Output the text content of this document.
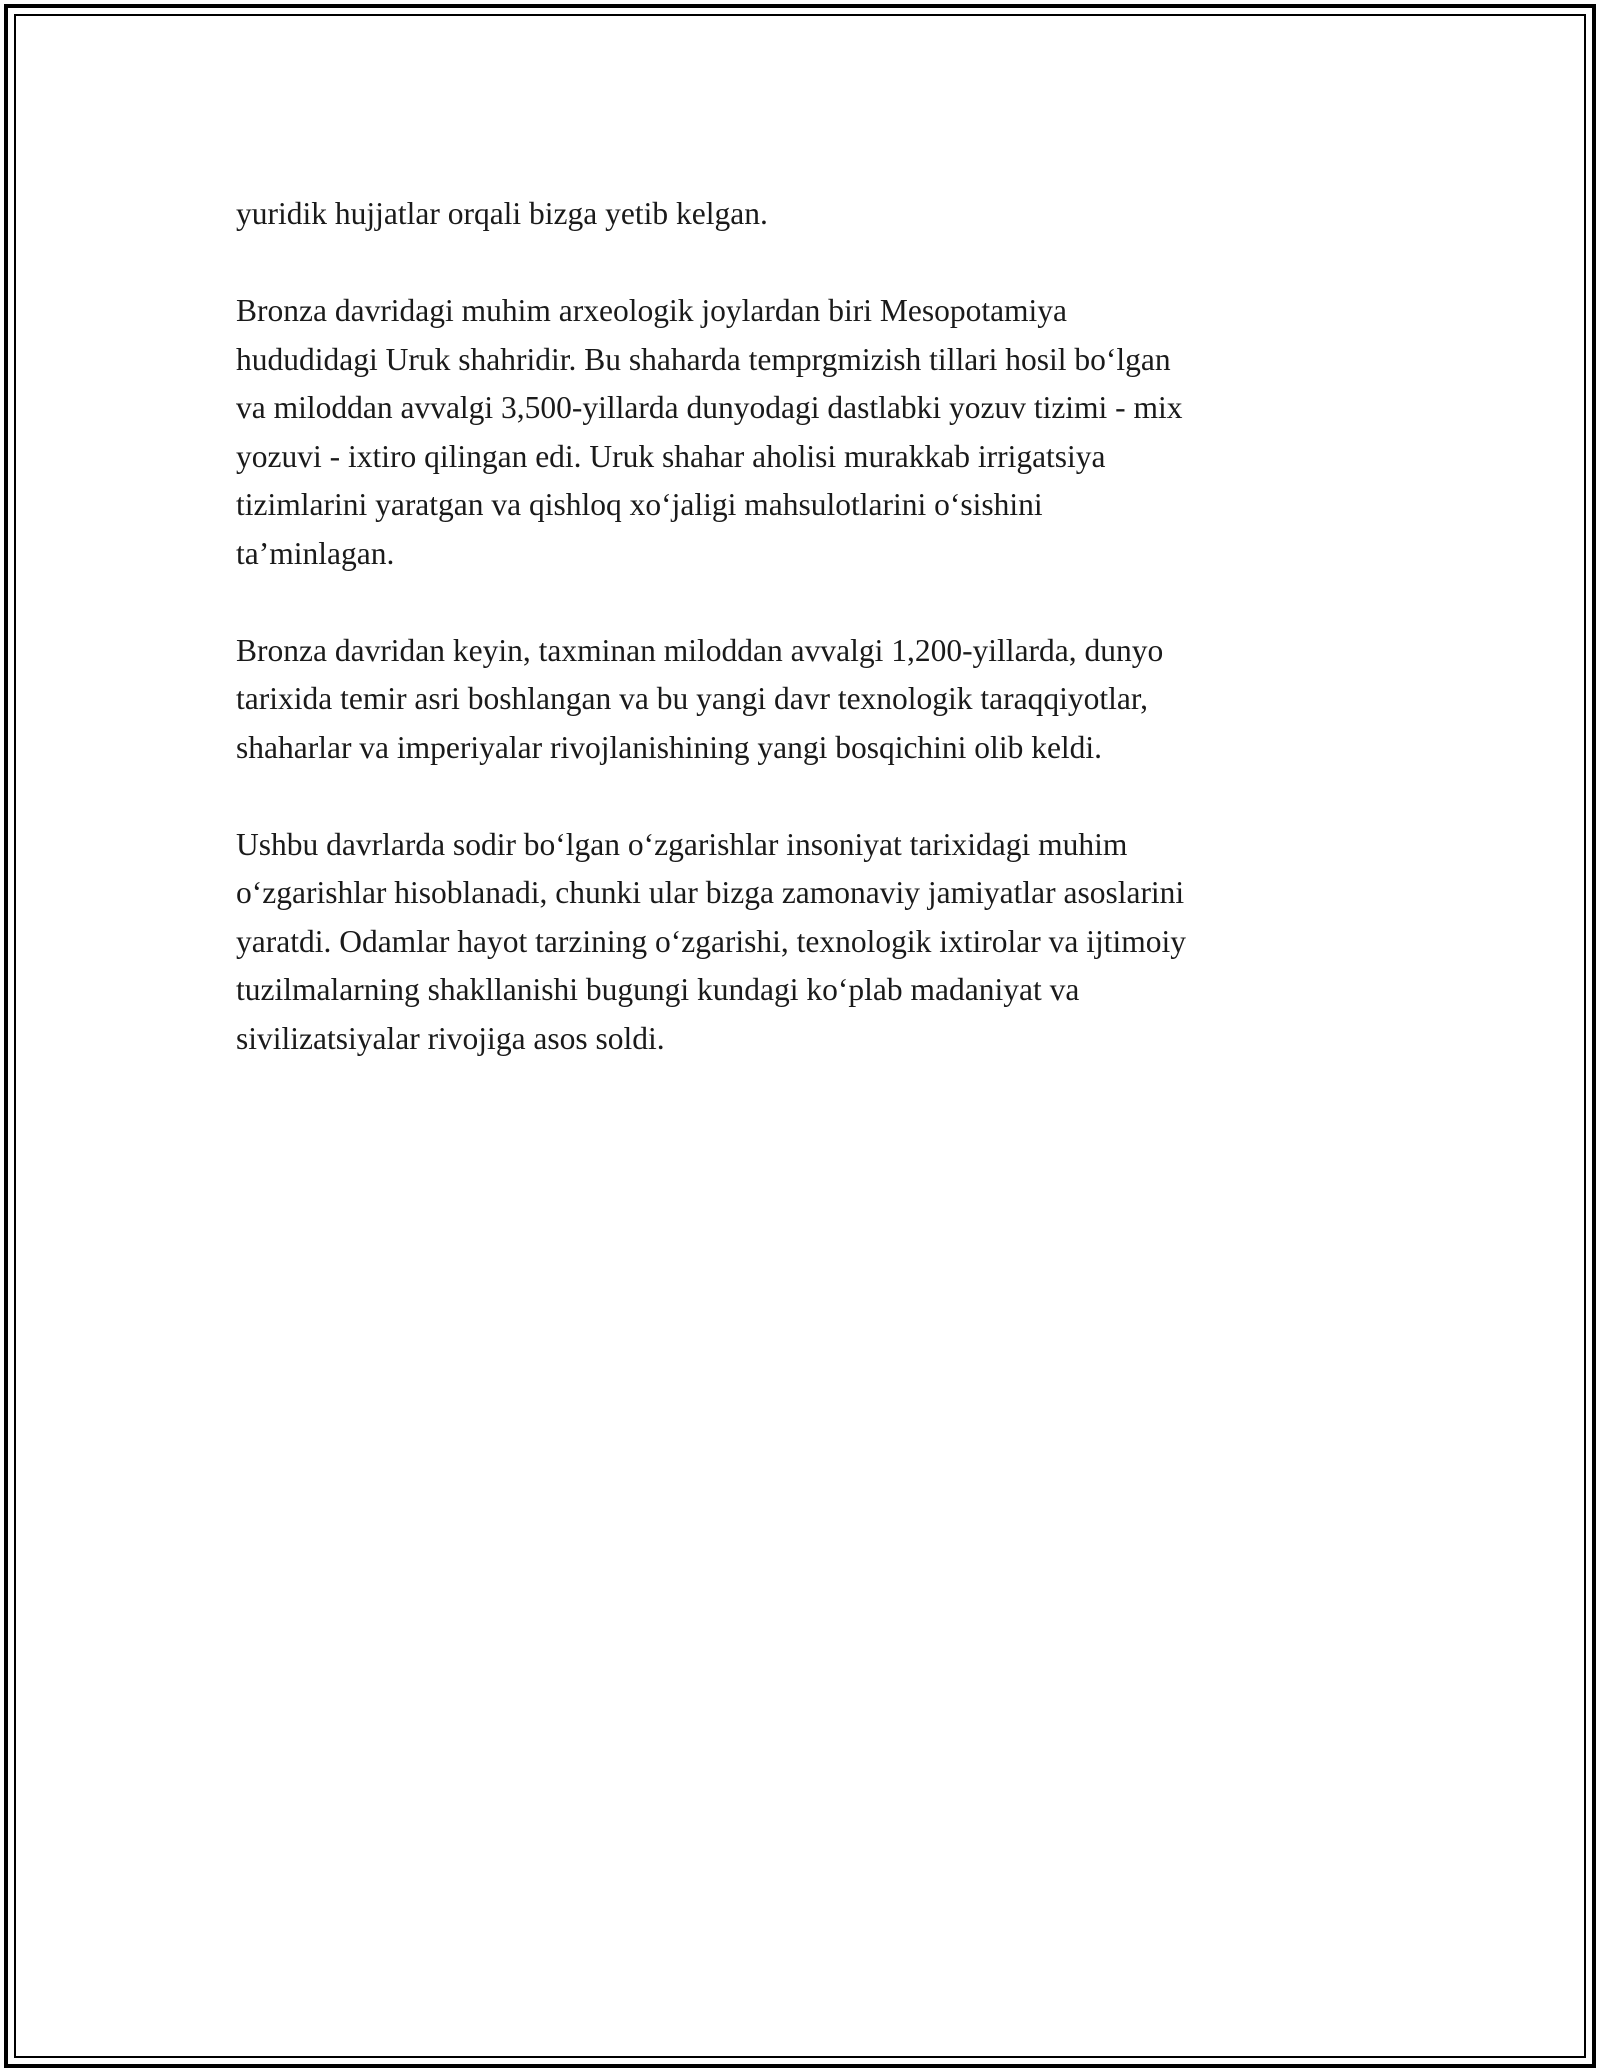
yuridik hujjatlar orqali bizga yetib kelgan.

Bronza davridagi muhim arxeologik joylardan biri Mesopotamiya
hududidagi Uruk shahridir. Bu shaharda temprgmizish tillari hosil bo‘lgan
va miloddan avvalgi 3,500-yillarda dunyodagi dastlabki yozuv tizimi - mix
yozuvi - ixtiro qilingan edi. Uruk shahar aholisi murakkab irrigatsiya
tizimlarini yaratgan va qishloq xo‘jaligi mahsulotlarini o‘sishini
ta’minlagan.

Bronza davridan keyin, taxminan miloddan avvalgi 1,200-yillarda, dunyo
tarixida temir asri boshlangan va bu yangi davr texnologik taraqqiyotlar,
shaharlar va imperiyalar rivojlanishining yangi bosqichini olib keldi.

Ushbu davrlarda sodir bo‘lgan o‘zgarishlar insoniyat tarixidagi muhim
o‘zgarishlar hisoblanadi, chunki ular bizga zamonaviy jamiyatlar asoslarini
yaratdi. Odamlar hayot tarzining o‘zgarishi, texnologik ixtirolar va ijtimoiy
tuzilmalarning shakllanishi bugungi kundagi ko‘plab madaniyat va
sivilizatsiyalar rivojiga asos soldi.
